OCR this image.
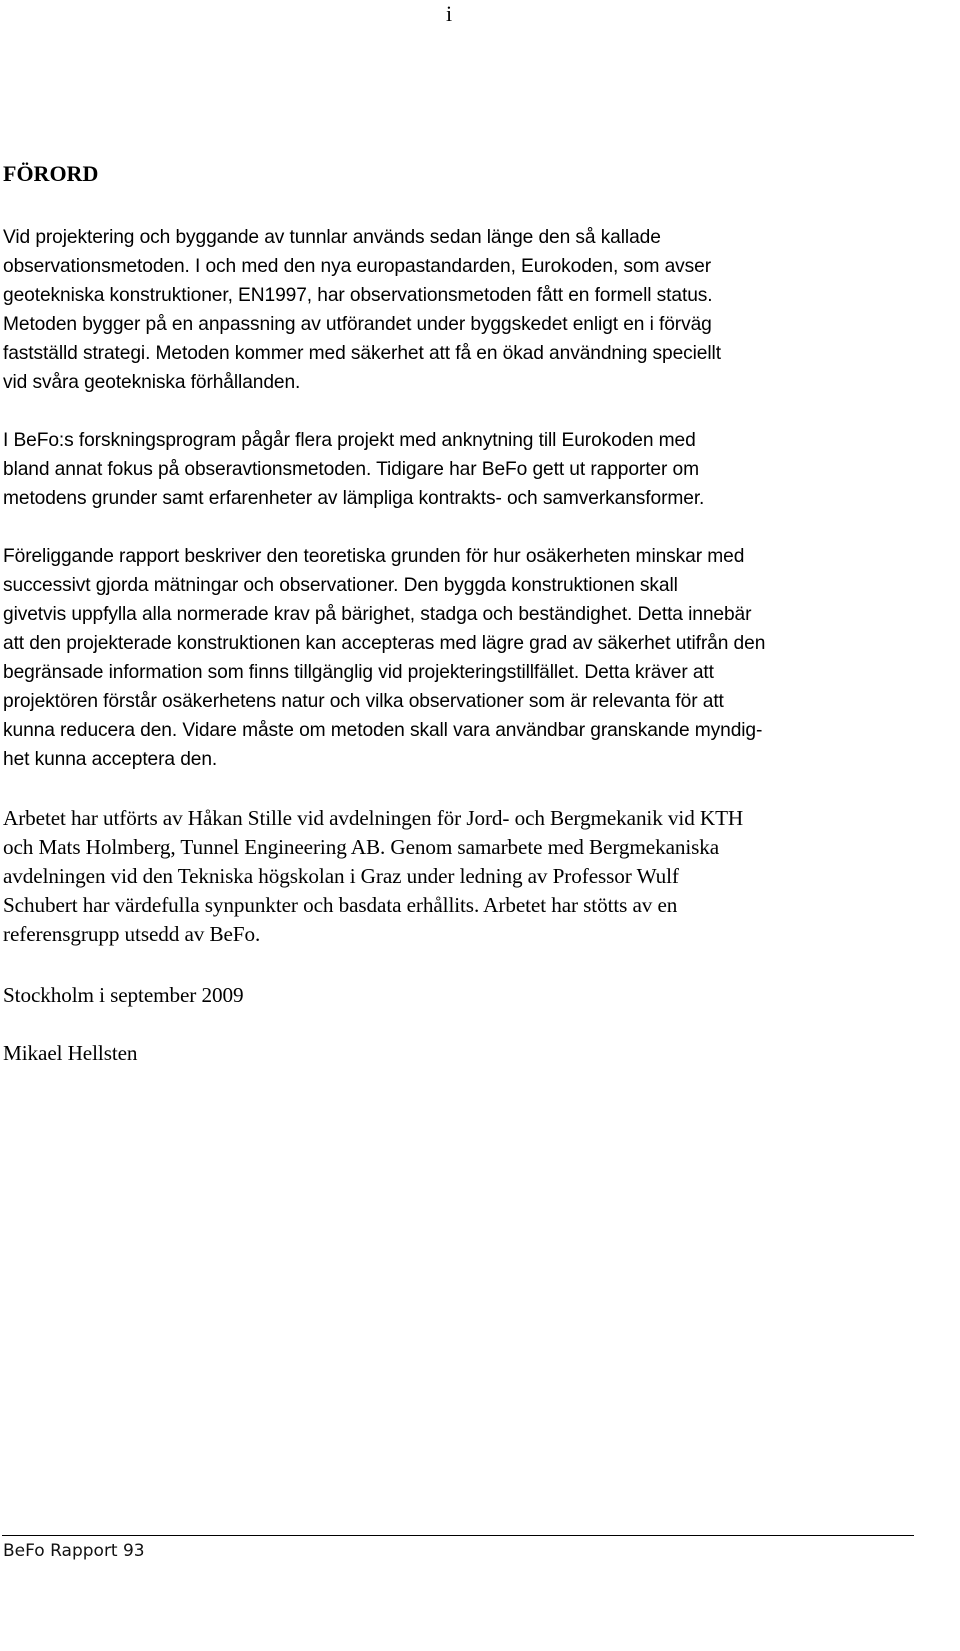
i
FÖRORD

Vid projektering och byggande av tunnlar används sedan länge den så kallade
observationsmetoden. I och med den nya europastandarden, Eurokoden, som avser
geotekniska konstruktioner, EN1997, har observationsmetoden fått en formell status.
Metoden bygger på en anpassning av utförandet under byggskedet enligt en i förväg
fastställd strategi. Metoden kommer med säkerhet att få en ökad användning speciellt
vid svåra geotekniska förhållanden.

I BeFo:s forskningsprogram pågår flera projekt med anknytning till Eurokoden med
bland annat fokus på obseravtionsmetoden. Tidigare har BeFo gett ut rapporter om
metodens grunder samt erfarenheter av lämpliga kontrakts- och samverkansformer.

Föreliggande rapport beskriver den teoretiska grunden för hur osäkerheten minskar med
successivt gjorda mätningar och observationer. Den byggda konstruktionen skall
givetvis uppfylla alla normerade krav på bärighet, stadga och beständighet. Detta innebär
att den projekterade konstruktionen kan accepteras med lägre grad av säkerhet utifrån den
begränsade information som finns tillgänglig vid projekteringstillfället. Detta kräver att
projektören förstår osäkerhetens natur och vilka observationer som är relevanta för att
kunna reducera den. Vidare måste om metoden skall vara användbar granskande myndig-
het kunna acceptera den.

Arbetet har utförts av Håkan Stille vid avdelningen för Jord- och Bergmekanik vid KTH
och Mats Holmberg, Tunnel Engineering AB. Genom samarbete med Bergmekaniska
avdelningen vid den Tekniska högskolan i Graz under ledning av Professor Wulf
Schubert har värdefulla synpunkter och basdata erhållits. Arbetet har stötts av en
referensgrupp utsedd av BeFo.

Stockholm i september 2009

Mikael Hellsten

BeFo Rapport 93
